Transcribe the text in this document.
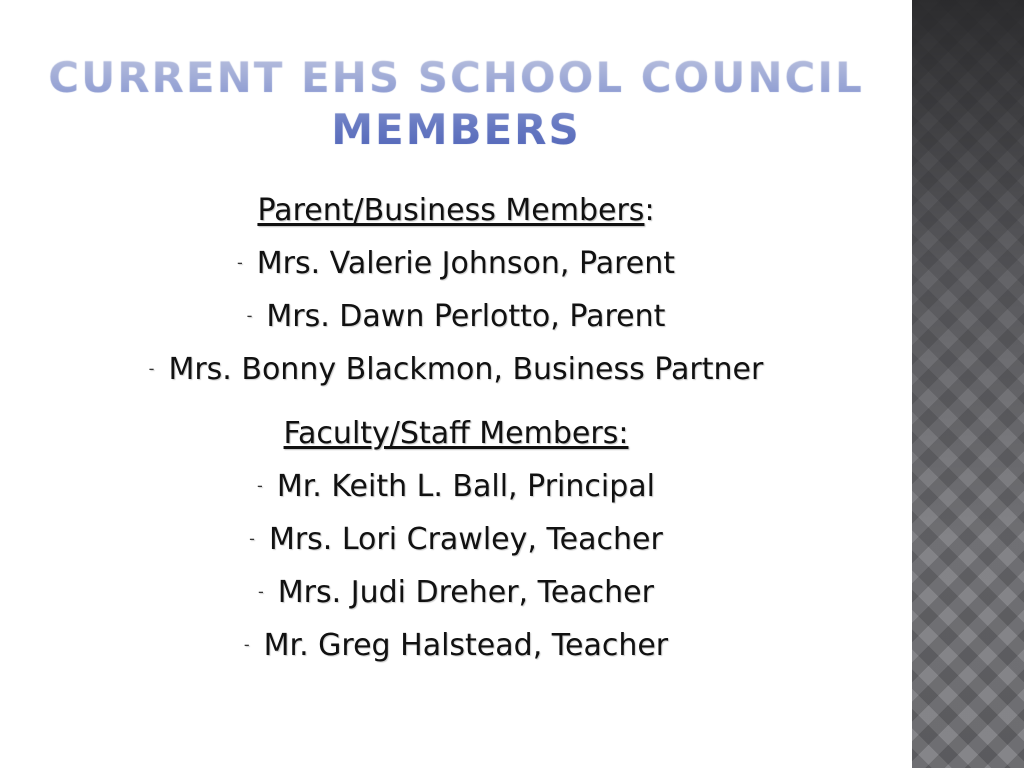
CURRENT EHS SCHOOL COUNCIL
MEMBERS
Parent/Business Members:
- Mrs. Valerie Johnson, Parent
- Mrs. Dawn Perlotto, Parent
- Mrs. Bonny Blackmon, Business Partner
Faculty/Staff Members:
- Mr. Keith L. Ball, Principal
- Mrs. Lori Crawley, Teacher
- Mrs. Judi Dreher, Teacher
- Mr. Greg Halstead, Teacher
